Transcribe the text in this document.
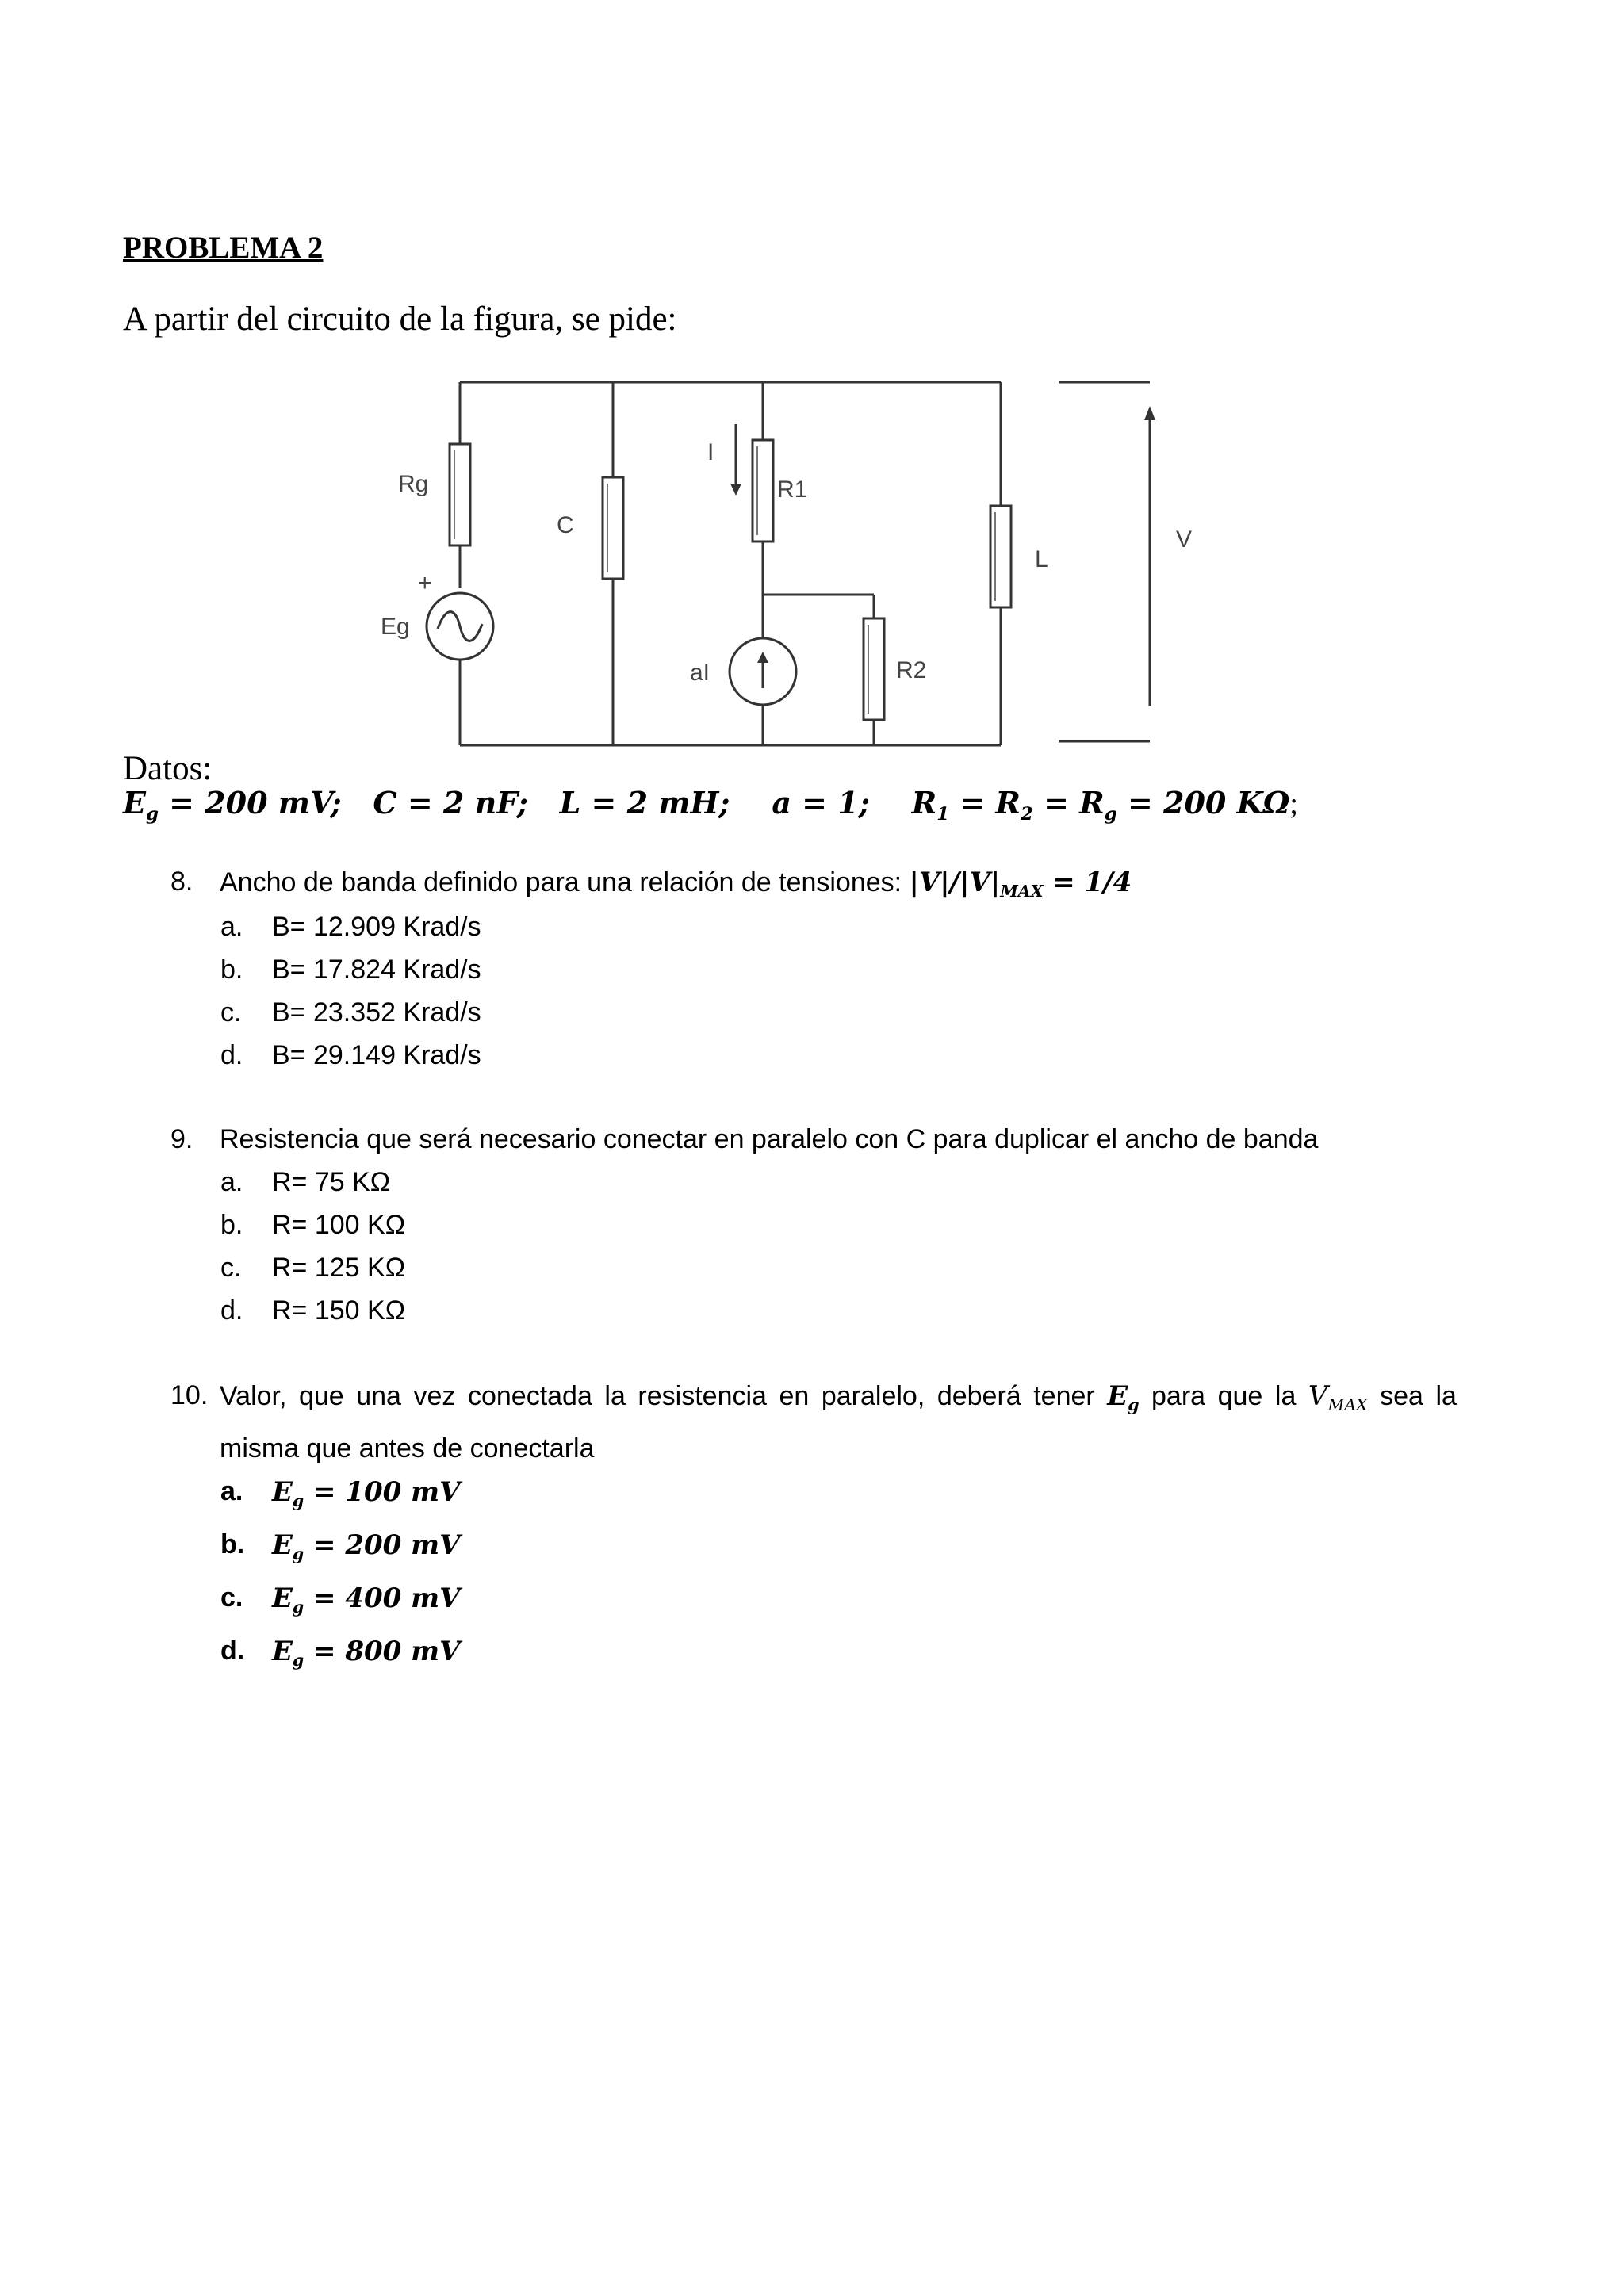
PROBLEMA 2
A partir del circuito de la figura, se pide:
Rg
+
Eg
C
I
R1
aI	R2
L
V
Datos:
$E_g = 200$ mV; C = 2 nF; L = 2 mH; a = 1; $R_1 = R_2 = R_g = 200$ KΩ;
8. Ancho de banda definido para una relación de tensiones: $|V|/|V|_{MAX} = 1/4$
a. B= 12.909 Krad/s
b. B= 17.824 Krad/s
c. B= 23.352 Krad/s
d. B= 29.149 Krad/s
9. Resistencia que será necesario conectar en paralelo con C para duplicar el ancho de banda
a. R= 75 KΩ
b. R= 100 KΩ
c. R= 125 KΩ
d. R= 150 KΩ
10. Valor, que una vez conectada la resistencia en paralelo, deberá tener $E_g$ para que la $V_{MAX}$ sea la
misma que antes de conectarla
a. $E_g = 100$ mV
b. $E_g = 200$ mV
c. $E_g = 400$ mV
d. $E_g = 800$ mV
